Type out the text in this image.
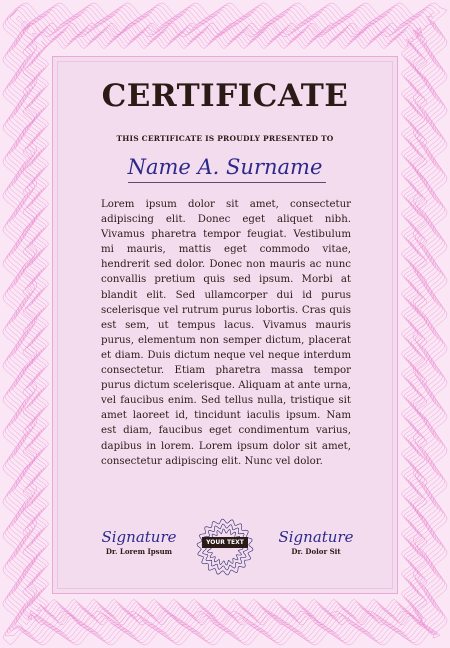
CERTIFICATE
THIS CERTIFICATE IS PROUDLY PRESENTED TO
Name A. Surname
Lorem ipsum dolor sit amet, consectetur adipiscing elit. Donec eget aliquet nibh. Vivamus pharetra tempor feugiat. Vestibulum mi mauris, mattis eget commodo vitae, hendrerit sed dolor. Donec non mauris ac nunc convallis pretium quis sed ipsum. Morbi at blandit elit. Sed ullamcorper dui id purus scelerisque vel rutrum purus lobortis. Cras quis est sem, ut tempus lacus. Vivamus mauris purus, elementum non semper dictum, placerat et diam. Duis dictum neque vel neque interdum consectetur. Etiam pharetra massa tempor purus dictum scelerisque. Aliquam at ante urna, vel faucibus enim. Sed tellus nulla, tristique sit amet laoreet id, tincidunt iaculis ipsum. Nam est diam, faucibus eget condimentum varius, dapibus in lorem. Lorem ipsum dolor sit amet, consectetur adipiscing elit. Nunc vel dolor.
Signature
Dr. Lorem Ipsum
YOUR TEXT	Signature
Dr. Dolor Sit
